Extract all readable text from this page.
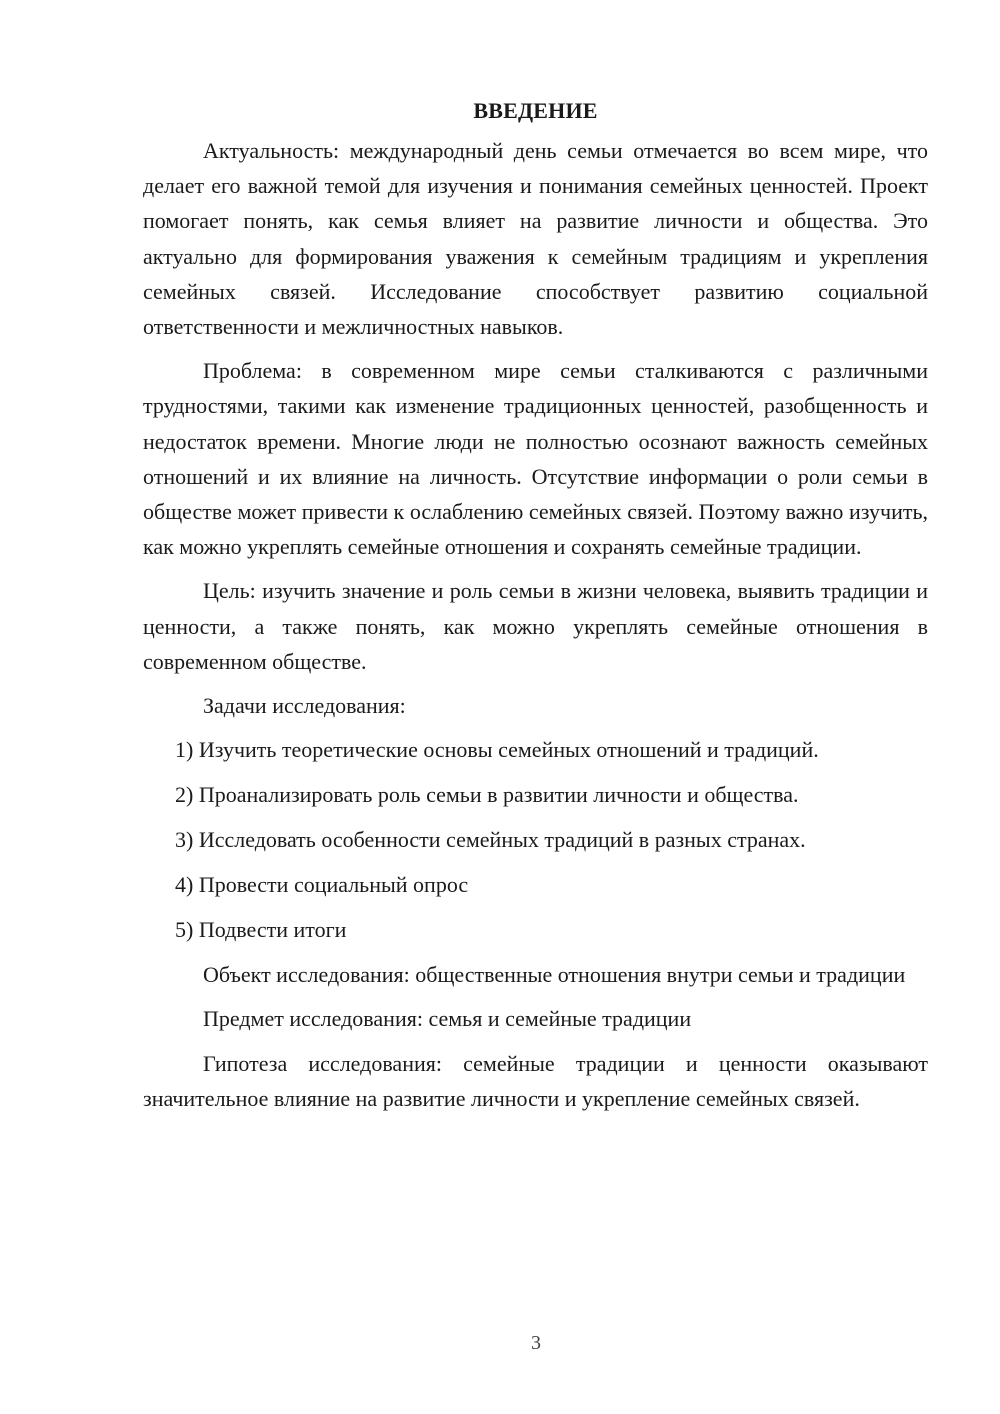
ВВЕДЕНИЕ

Актуальность: международный день семьи отмечается во всем мире, что делает его важной темой для изучения и понимания семейных ценностей. Проект помогает понять, как семья влияет на развитие личности и общества. Это актуально для формирования уважения к семейным традициям и укрепления семейных связей. Исследование способствует развитию социальной ответственности и межличностных навыков.

Проблема: в современном мире семьи сталкиваются с различными трудностями, такими как изменение традиционных ценностей, разобщенность и недостаток времени. Многие люди не полностью осознают важность семейных отношений и их влияние на личность. Отсутствие информации о роли семьи в обществе может привести к ослаблению семейных связей. Поэтому важно изучить, как можно укреплять семейные отношения и сохранять семейные традиции.

Цель: изучить значение и роль семьи в жизни человека, выявить традиции и ценности, а также понять, как можно укреплять семейные отношения в современном обществе.

Задачи исследования:

1) Изучить теоретические основы семейных отношений и традиций.
2) Проанализировать роль семьи в развитии личности и общества.
3) Исследовать особенности семейных традиций в разных странах.
4) Провести социальный опрос
5) Подвести итоги

Объект исследования: общественные отношения внутри семьи и традиции

Предмет исследования: семья и семейные традиции

Гипотеза исследования: семейные традиции и ценности оказывают значительное влияние на развитие личности и укрепление семейных связей.

3
